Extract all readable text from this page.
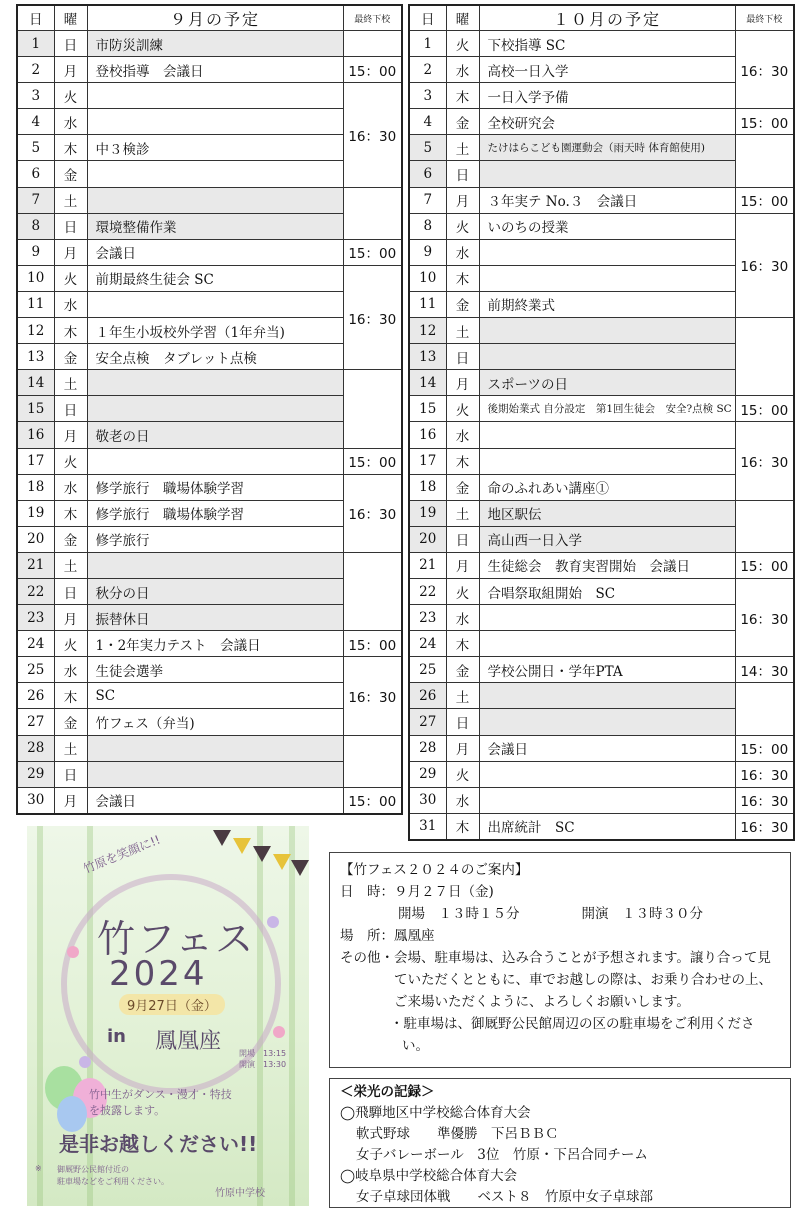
日	曜	９月の予定	最終下校
1	日	市防災訓練	
2	月	登校指導　会議日	15：00
3	火		16：30
4	水		
5	木	中３検診	
6	金		
7	土		
8	日	環境整備作業	
9	月	会議日	15：00
10	火	前期最終生徒会 SC	16：30
11	水		
12	木	１年生小坂校外学習（1年弁当)	
13	金	安全点検　タブレット点検	
14	土		
15	日		
16	月	敬老の日	
17	火		15：00
18	水	修学旅行　職場体験学習	16：30
19	木	修学旅行　職場体験学習	
20	金	修学旅行	
21	土		
22	日	秋分の日	
23	月	振替休日	
24	火	1・2年実力テスト　会議日	15：00
25	水	生徒会選挙	16：30
26	木	SC	
27	金	竹フェス（弁当)	
28	土		
29	日		
30	月	会議日	15：00
日	曜	１０月の予定	最終下校
1	火	下校指導 SC	16：30
2	水	高校一日入学	
3	木	一日入学予備	
4	金	全校研究会	15：00
5	土	たけはらこども園運動会（雨天時 体育館使用)	
6	日		
7	月	３年実テ No.３　会議日	15：00
8	火	いのちの授業	16：30
9	水		
10	木		
11	金	前期終業式	
12	土		
13	日		
14	月	スポーツの日	
15	火	後期始業式 自分設定　第1回生徒会　安全?点検 SC	15：00
16	水		16：30
17	木		
18	金	命のふれあい講座①	
19	土	地区駅伝	
20	日	高山西一日入学	
21	月	生徒総会　教育実習開始　会議日	15：00
22	火	合唱祭取組開始　SC	16：30
23	水		
24	木		
25	金	学校公開日・学年PTA	14：30
26	土		
27	日		
28	月	会議日	15：00
29	火		16：30
30	水		16：30
31	木	出席統計　SC	16：30
竹原を笑顔に!!
竹フェス
2024
9月27日（金）
in 鳳凰座 開場　13:15
開演　13:30
竹中生がダンス・漫才・特技
を披露します。
是非お越しください!!
※ 御厩野公民館付近の
駐車場などをご利用ください。
竹原中学校
【竹フェス２０２４のご案内】
日　時： ９月２７日（金)
開場　１３時１５分	開演　１３時３０分
場　所： 鳳凰座
その他・ 会場、駐車場は、込み合うことが予想されます。譲り合って見ていただくとともに、車でお越しの際は、お乗り合わせの上、ご来場いただくように、よろしくお願いします。
・駐車場は、御厩野公民館周辺の区の駐車場をご利用ください。
＜栄光の記録＞
◯飛騨地区中学校総合体育大会
軟式野球　　準優勝　下呂ＢＢＣ
女子バレーボール　3位　竹原・下呂合同チーム
◯岐阜県中学校総合体育大会
女子卓球団体戦　　ベスト８　竹原中女子卓球部
